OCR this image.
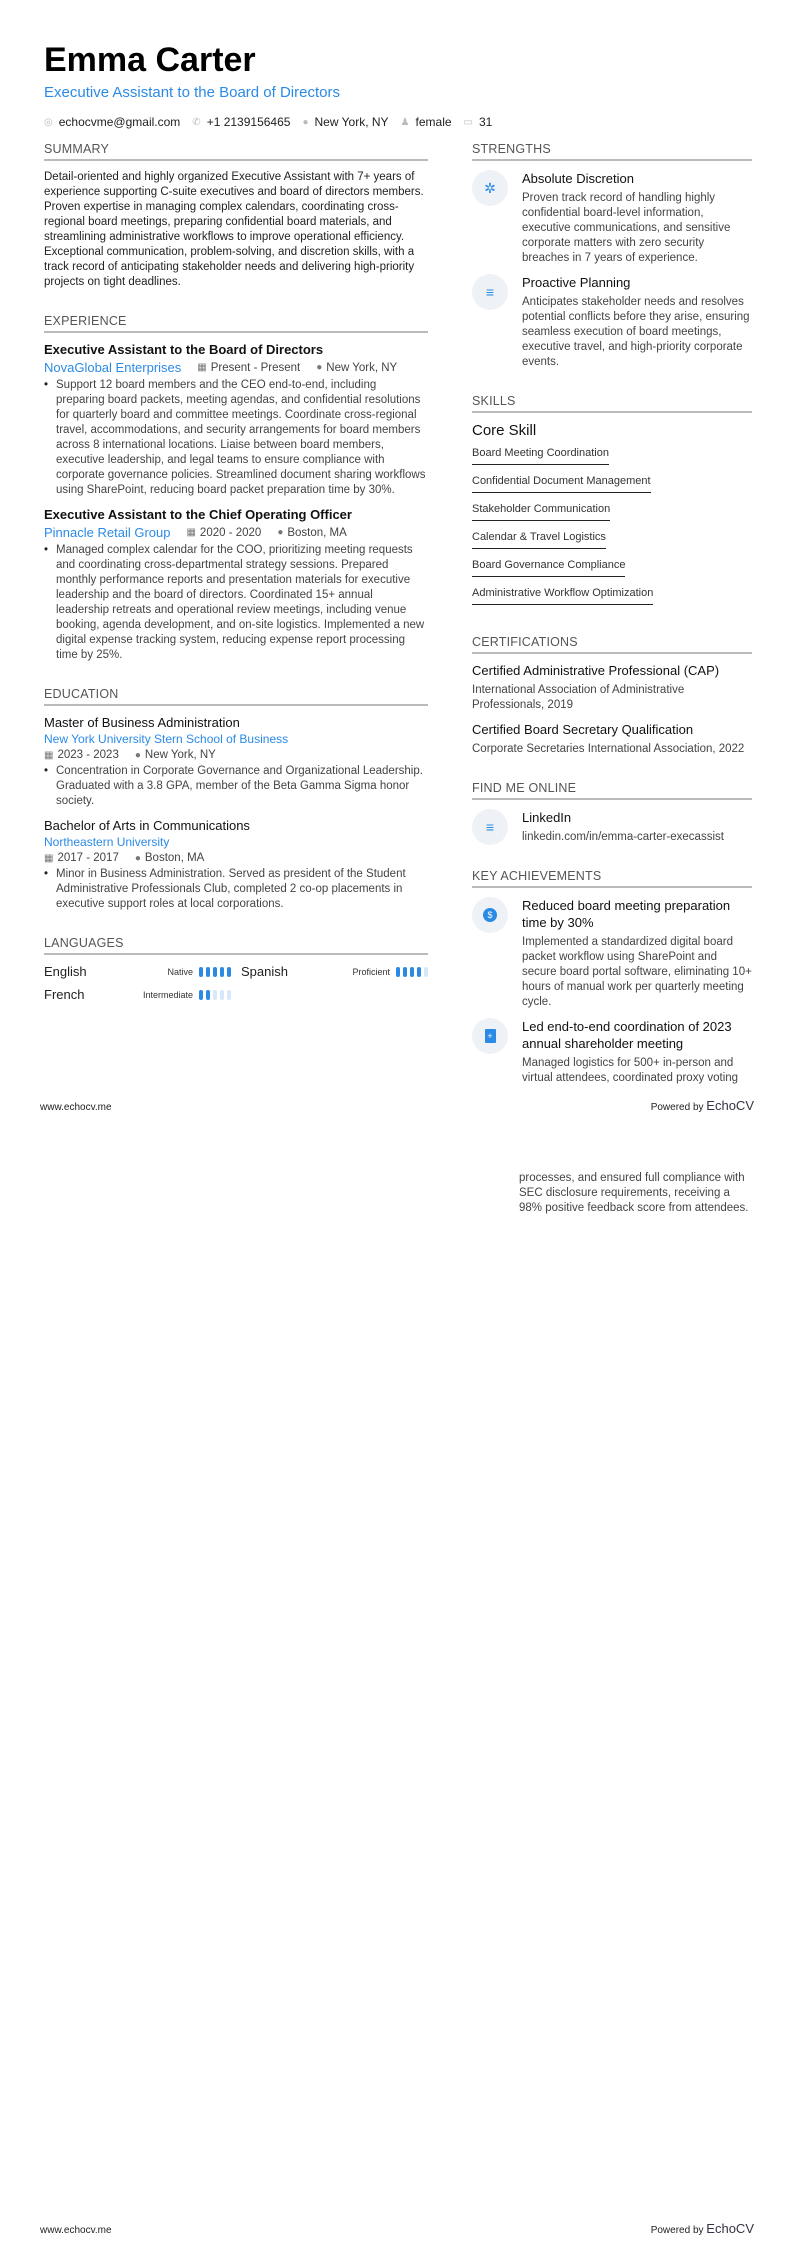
Emma Carter
Executive Assistant to the Board of Directors
◎ echocvme@gmail.com ✆ +1 2139156465 ● New York, NY ♟ female ▭ 31
SUMMARY
Detail-oriented and highly organized Executive Assistant with 7+ years of experience supporting C-suite executives and board of directors members. Proven expertise in managing complex calendars, coordinating cross-regional board meetings, preparing confidential board materials, and streamlining administrative workflows to improve operational efficiency. Exceptional communication, problem-solving, and discretion skills, with a track record of anticipating stakeholder needs and delivering high-priority projects on tight deadlines.
EXPERIENCE
Executive Assistant to the Board of Directors
NovaGlobal Enterprises ▦ Present - Present ● New York, NY
• Support 12 board members and the CEO end-to-end, including preparing board packets, meeting agendas, and confidential resolutions for quarterly board and committee meetings. Coordinate cross-regional travel, accommodations, and security arrangements for board members across 8 international locations. Liaise between board members, executive leadership, and legal teams to ensure compliance with corporate governance policies. Streamlined document sharing workflows using SharePoint, reducing board packet preparation time by 30%.
Executive Assistant to the Chief Operating Officer
Pinnacle Retail Group ▦ 2020 - 2020 ● Boston, MA
• Managed complex calendar for the COO, prioritizing meeting requests and coordinating cross-departmental strategy sessions. Prepared monthly performance reports and presentation materials for executive leadership and the board of directors. Coordinated 15+ annual leadership retreats and operational review meetings, including venue booking, agenda development, and on-site logistics. Implemented a new digital expense tracking system, reducing expense report processing time by 25%.
EDUCATION
Master of Business Administration
New York University Stern School of Business
▦ 2023 - 2023 ● New York, NY
• Concentration in Corporate Governance and Organizational Leadership. Graduated with a 3.8 GPA, member of the Beta Gamma Sigma honor society.
Bachelor of Arts in Communications
Northeastern University
▦ 2017 - 2017 ● Boston, MA
• Minor in Business Administration. Served as president of the Student Administrative Professionals Club, completed 2 co-op placements in executive support roles at local corporations.
LANGUAGES
English	Native	Spanish	Proficient
French	Intermediate
STRENGTHS
✲
Absolute Discretion
Proven track record of handling highly confidential board-level information, executive communications, and sensitive corporate matters with zero security breaches in 7 years of experience.
≡
Proactive Planning
Anticipates stakeholder needs and resolves potential conflicts before they arise, ensuring seamless execution of board meetings, executive travel, and high-priority corporate events.
SKILLS
Core Skill
Board Meeting Coordination
Confidential Document Management
Stakeholder Communication
Calendar & Travel Logistics
Board Governance Compliance
Administrative Workflow Optimization
CERTIFICATIONS
Certified Administrative Professional (CAP)
International Association of Administrative Professionals, 2019
Certified Board Secretary Qualification
Corporate Secretaries International Association, 2022
FIND ME ONLINE
≡
LinkedIn
linkedin.com/in/emma-carter-execassist
KEY ACHIEVEMENTS
$
Reduced board meeting preparation time by 30%
Implemented a standardized digital board packet workflow using SharePoint and secure board portal software, eliminating 10+ hours of manual work per quarterly meeting cycle.
+
Led end-to-end coordination of 2023 annual shareholder meeting
Managed logistics for 500+ in-person and virtual attendees, coordinated proxy voting
www.echocv.me	Powered by EchoCV
processes, and ensured full compliance with SEC disclosure requirements, receiving a 98% positive feedback score from attendees.
www.echocv.me	Powered by EchoCV
